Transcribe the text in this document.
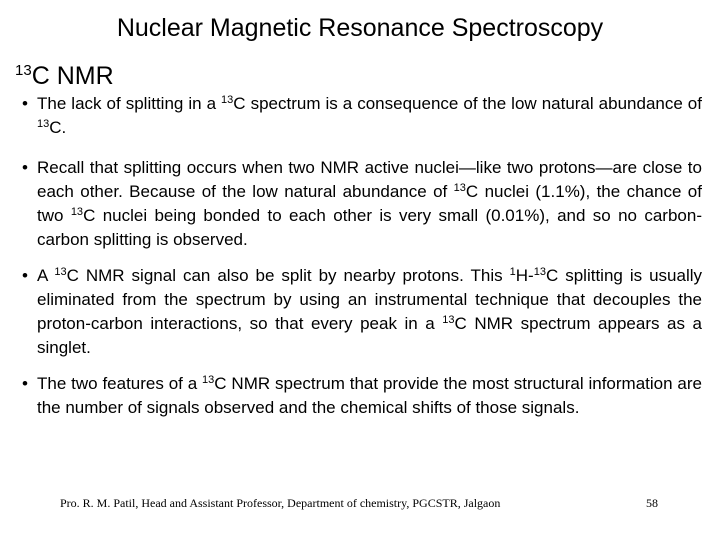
Nuclear Magnetic Resonance Spectroscopy
$^{13}$C NMR
• The lack of splitting in a $^{13}$C spectrum is a consequence of the low natural abundance of $^{13}$C.
• Recall that splitting occurs when two NMR active nuclei—like two protons—are close to each other. Because of the low natural abundance of $^{13}$C nuclei (1.1%), the chance of two $^{13}$C nuclei being bonded to each other is very small (0.01%), and so no carbon-carbon splitting is observed.
• A $^{13}$C NMR signal can also be split by nearby protons. This $^1$H-$^{13}$C splitting is usually eliminated from the spectrum by using an instrumental technique that decouples the proton-carbon interactions, so that every peak in a $^{13}$C NMR spectrum appears as a singlet.
• The two features of a $^{13}$C NMR spectrum that provide the most structural information are the number of signals observed and the chemical shifts of those signals.
Pro. R. M. Patil, Head and Assistant Professor, Department of chemistry, PGCSTR, Jalgaon	58
